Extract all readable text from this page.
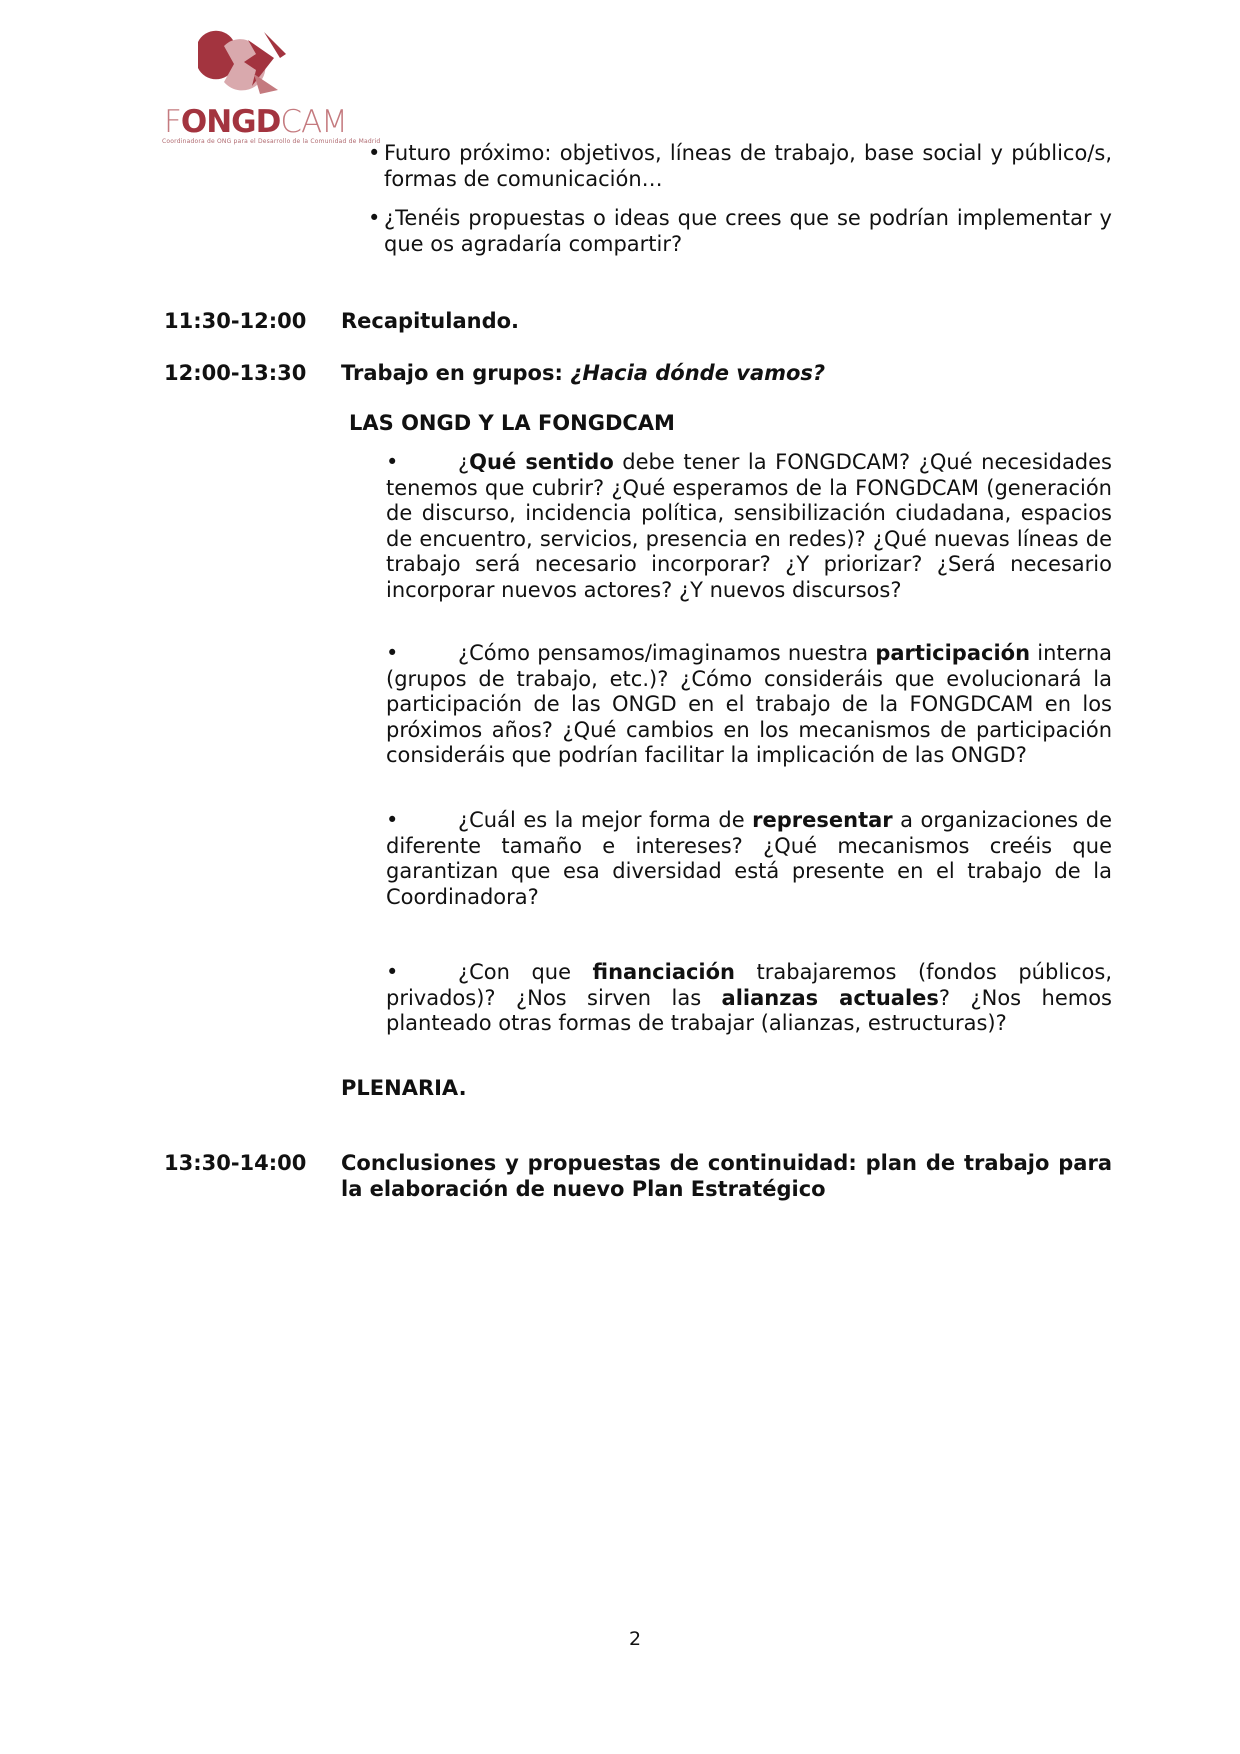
FONGDCAM
Coordinadora de ONG para el Desarrollo de la Comunidad de Madrid
• Futuro próximo: objetivos, líneas de trabajo, base social y público/s, formas de comunicación…
• ¿Tenéis propuestas o ideas que crees que se podrían implementar y que os agradaría compartir?
11:30-12:00 Recapitulando.
12:00-13:30 Trabajo en grupos: ¿Hacia dónde vamos?
LAS ONGD Y LA FONGDCAM
•	¿Qué sentido debe tener la FONGDCAM? ¿Qué necesidades tenemos que cubrir? ¿Qué esperamos de la FONGDCAM (generación de discurso, incidencia política, sensibilización ciudadana, espacios de encuentro, servicios, presencia en redes)? ¿Qué nuevas líneas de trabajo será necesario incorporar? ¿Y priorizar? ¿Será necesario incorporar nuevos actores? ¿Y nuevos discursos?
•	¿Cómo pensamos/imaginamos nuestra participación interna (grupos de trabajo, etc.)? ¿Cómo consideráis que evolucionará la participación de las ONGD en el trabajo de la FONGDCAM en los próximos años? ¿Qué cambios en los mecanismos de participación consideráis que podrían facilitar la implicación de las ONGD?
•	¿Cuál es la mejor forma de representar a organizaciones de diferente tamaño e intereses? ¿Qué mecanismos creéis que garantizan que esa diversidad está presente en el trabajo de la Coordinadora?
•	¿Con que financiación trabajaremos (fondos públicos, privados)? ¿Nos sirven las alianzas actuales? ¿Nos hemos planteado otras formas de trabajar (alianzas, estructuras)?
PLENARIA.
13:30-14:00 Conclusiones y propuestas de continuidad: plan de trabajo para la elaboración de nuevo Plan Estratégico
2
